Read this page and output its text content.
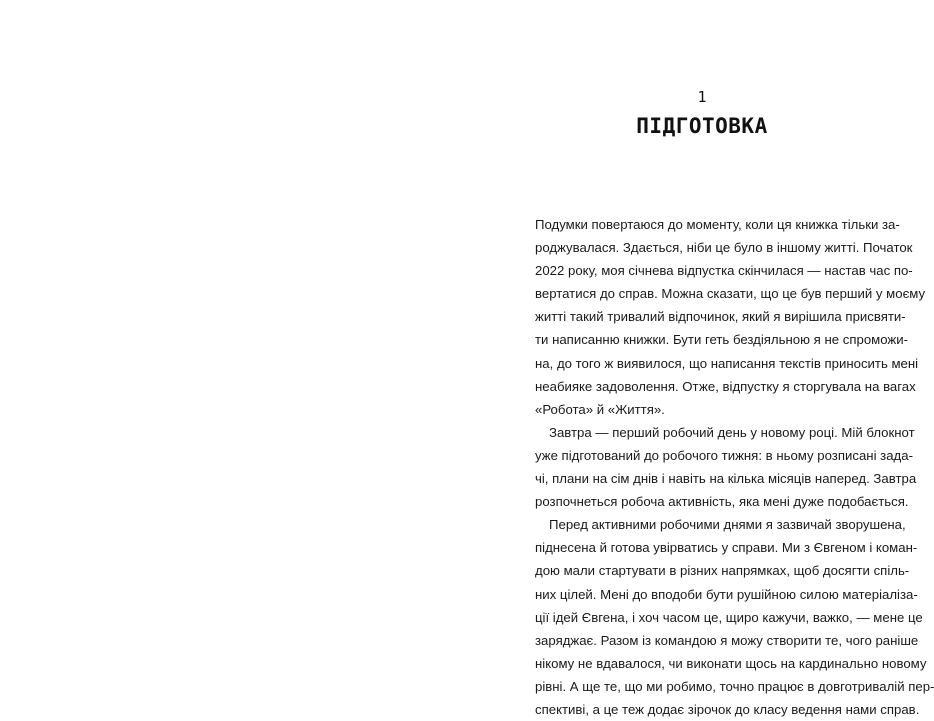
1
ПІДГОТОВКА
Подумки повертаюся до моменту, коли ця книжка тільки за-
роджувалася. Здається, ніби це було в іншому житті. Початок
2022 року, моя січнева відпустка скінчилася — настав час по-
вертатися до справ. Можна сказати, що це був перший у моєму
житті такий тривалий відпочинок, який я вирішила присвяти-
ти написанню книжки. Бути геть бездіяльною я не спроможи-
на, до того ж виявилося, що написання текстів приносить мені
неабияке задоволення. Отже, відпустку я сторгувала на вагах
«Робота» й «Життя».
Завтра — перший робочий день у новому році. Мій блокнот
уже підготований до робочого тижня: в ньому розписані зада-
чі, плани на сім днів і навіть на кілька місяців наперед. Завтра
розпочнеться робоча активність, яка мені дуже подобається.
Перед активними робочими днями я зазвичай зворушена,
піднесена й готова увірватись у справи. Ми з Євгеном і коман-
дою мали стартувати в різних напрямках, щоб досягти спіль-
них цілей. Мені до вподоби бути рушійною силою матеріаліза-
ції ідей Євгена, і хоч часом це, щиро кажучи, важко, — мене це
заряджає. Разом із командою я можу створити те, чого раніше
нікому не вдавалося, чи виконати щось на кардинально новому
рівні. А ще те, що ми робимо, точно працює в довготривалій пер-
спективі, а це теж додає зірочок до класу ведення нами справ.
